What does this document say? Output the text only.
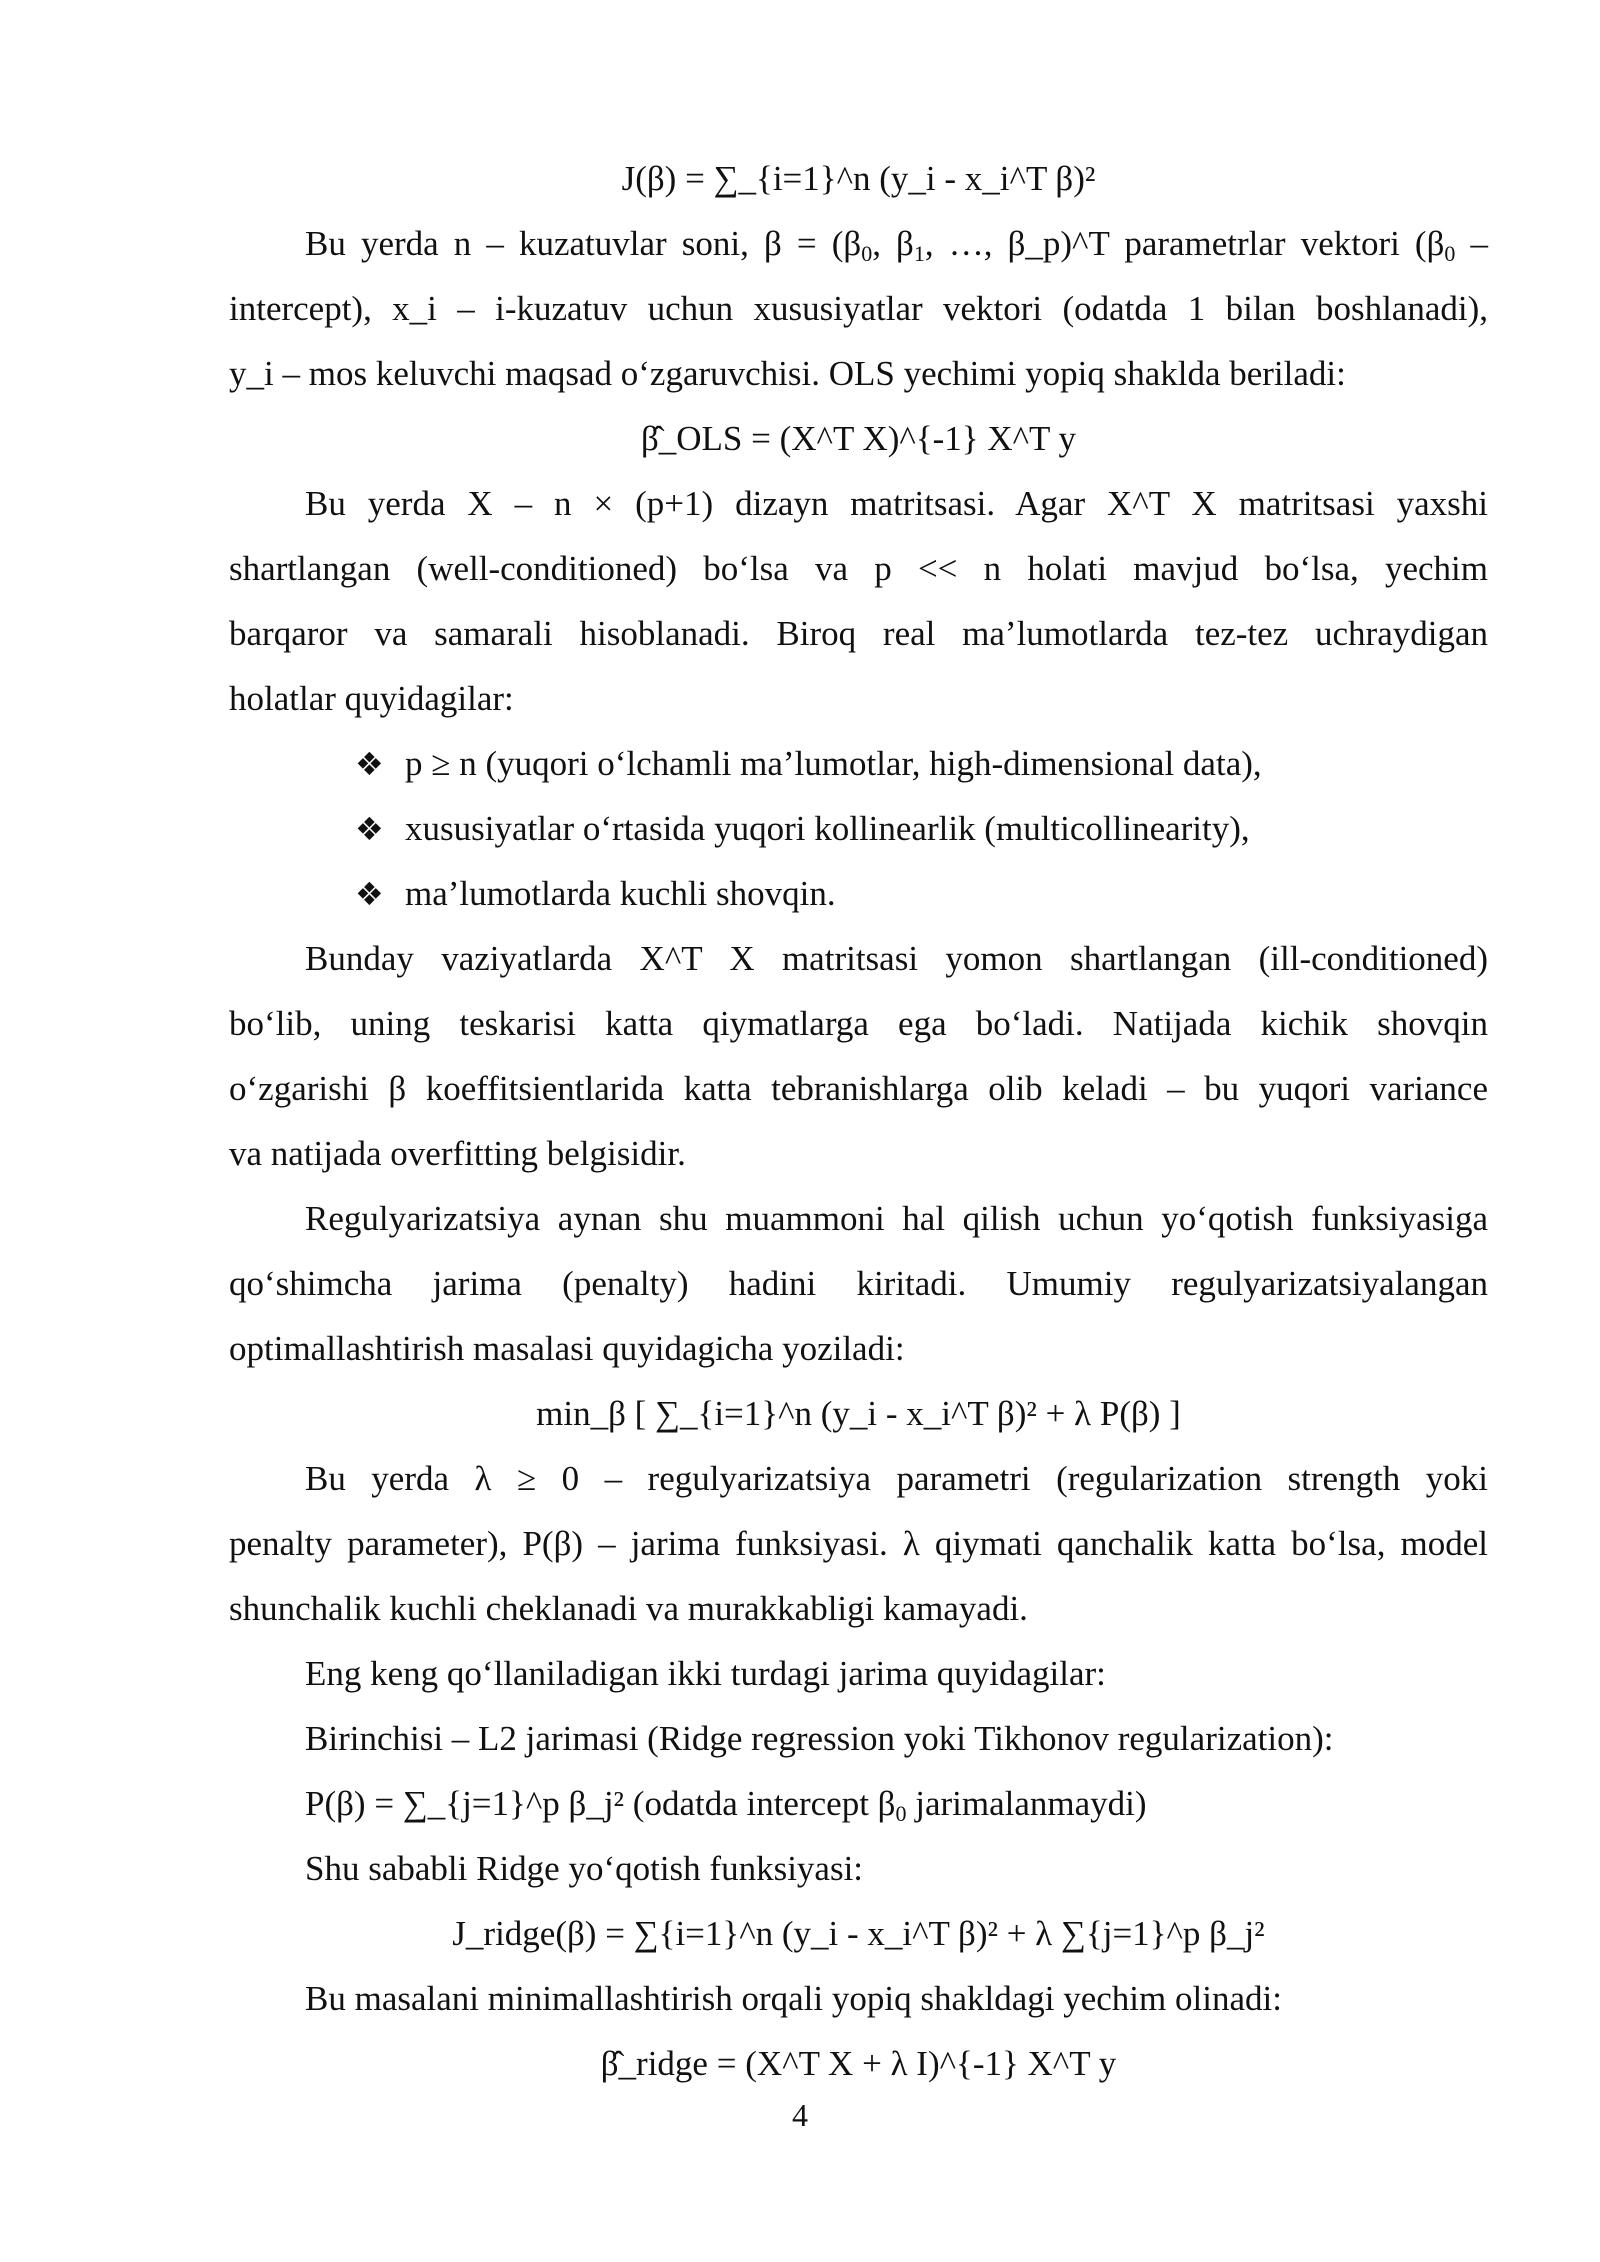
J(β) = ∑_{i=1}^n (y_i - x_i^T β)²
Bu yerda n – kuzatuvlar soni, $\beta = (\beta_0$, $\beta_1$, …, β_p)^T parametrlar vektori ($\beta_0$ –
intercept), x_i – i-kuzatuv uchun xususiyatlar vektori (odatda 1 bilan boshlanadi),
y_i – mos keluvchi maqsad oʻzgaruvchisi. OLS yechimi yopiq shaklda beriladi:
β̂_OLS = (X^T X)^{-1} X^T y
Bu yerda X – n × (p+1) dizayn matritsasi. Agar X^T X matritsasi yaxshi
shartlangan (well-conditioned) boʻlsa va p << n holati mavjud boʻlsa, yechim
barqaror va samarali hisoblanadi. Biroq real ma’lumotlarda tez-tez uchraydigan
holatlar quyidagilar:
❖ p ≥ n (yuqori oʻlchamli ma’lumotlar, high-dimensional data),
❖ xususiyatlar oʻrtasida yuqori kollinearlik (multicollinearity),
❖ ma’lumotlarda kuchli shovqin.
Bunday vaziyatlarda X^T X matritsasi yomon shartlangan (ill-conditioned)
boʻlib, uning teskarisi katta qiymatlarga ega boʻladi. Natijada kichik shovqin
oʻzgarishi β koeffitsientlarida katta tebranishlarga olib keladi – bu yuqori variance
va natijada overfitting belgisidir.
Regulyarizatsiya aynan shu muammoni hal qilish uchun yoʻqotish funksiyasiga
qoʻshimcha jarima (penalty) hadini kiritadi. Umumiy regulyarizatsiyalangan
optimallashtirish masalasi quyidagicha yoziladi:
min_β [ ∑_{i=1}^n (y_i - x_i^T β)² + λ P(β) ]
Bu yerda λ ≥ 0 – regulyarizatsiya parametri (regularization strength yoki
penalty parameter), P(β) – jarima funksiyasi. λ qiymati qanchalik katta boʻlsa, model
shunchalik kuchli cheklanadi va murakkabligi kamayadi.
Eng keng qoʻllaniladigan ikki turdagi jarima quyidagilar:
Birinchisi – L2 jarimasi (Ridge regression yoki Tikhonov regularization):
P(β) = ∑_{j=1}^p β_j² (odatda intercept $\beta_0$ jarimalanmaydi)
Shu sababli Ridge yoʻqotish funksiyasi:
J_ridge(β) = ∑{i=1}^n (y_i - x_i^T β)² + λ ∑{j=1}^p β_j²
Bu masalani minimallashtirish orqali yopiq shakldagi yechim olinadi:
β̂_ridge = (X^T X + λ I)^{-1} X^T y
4
